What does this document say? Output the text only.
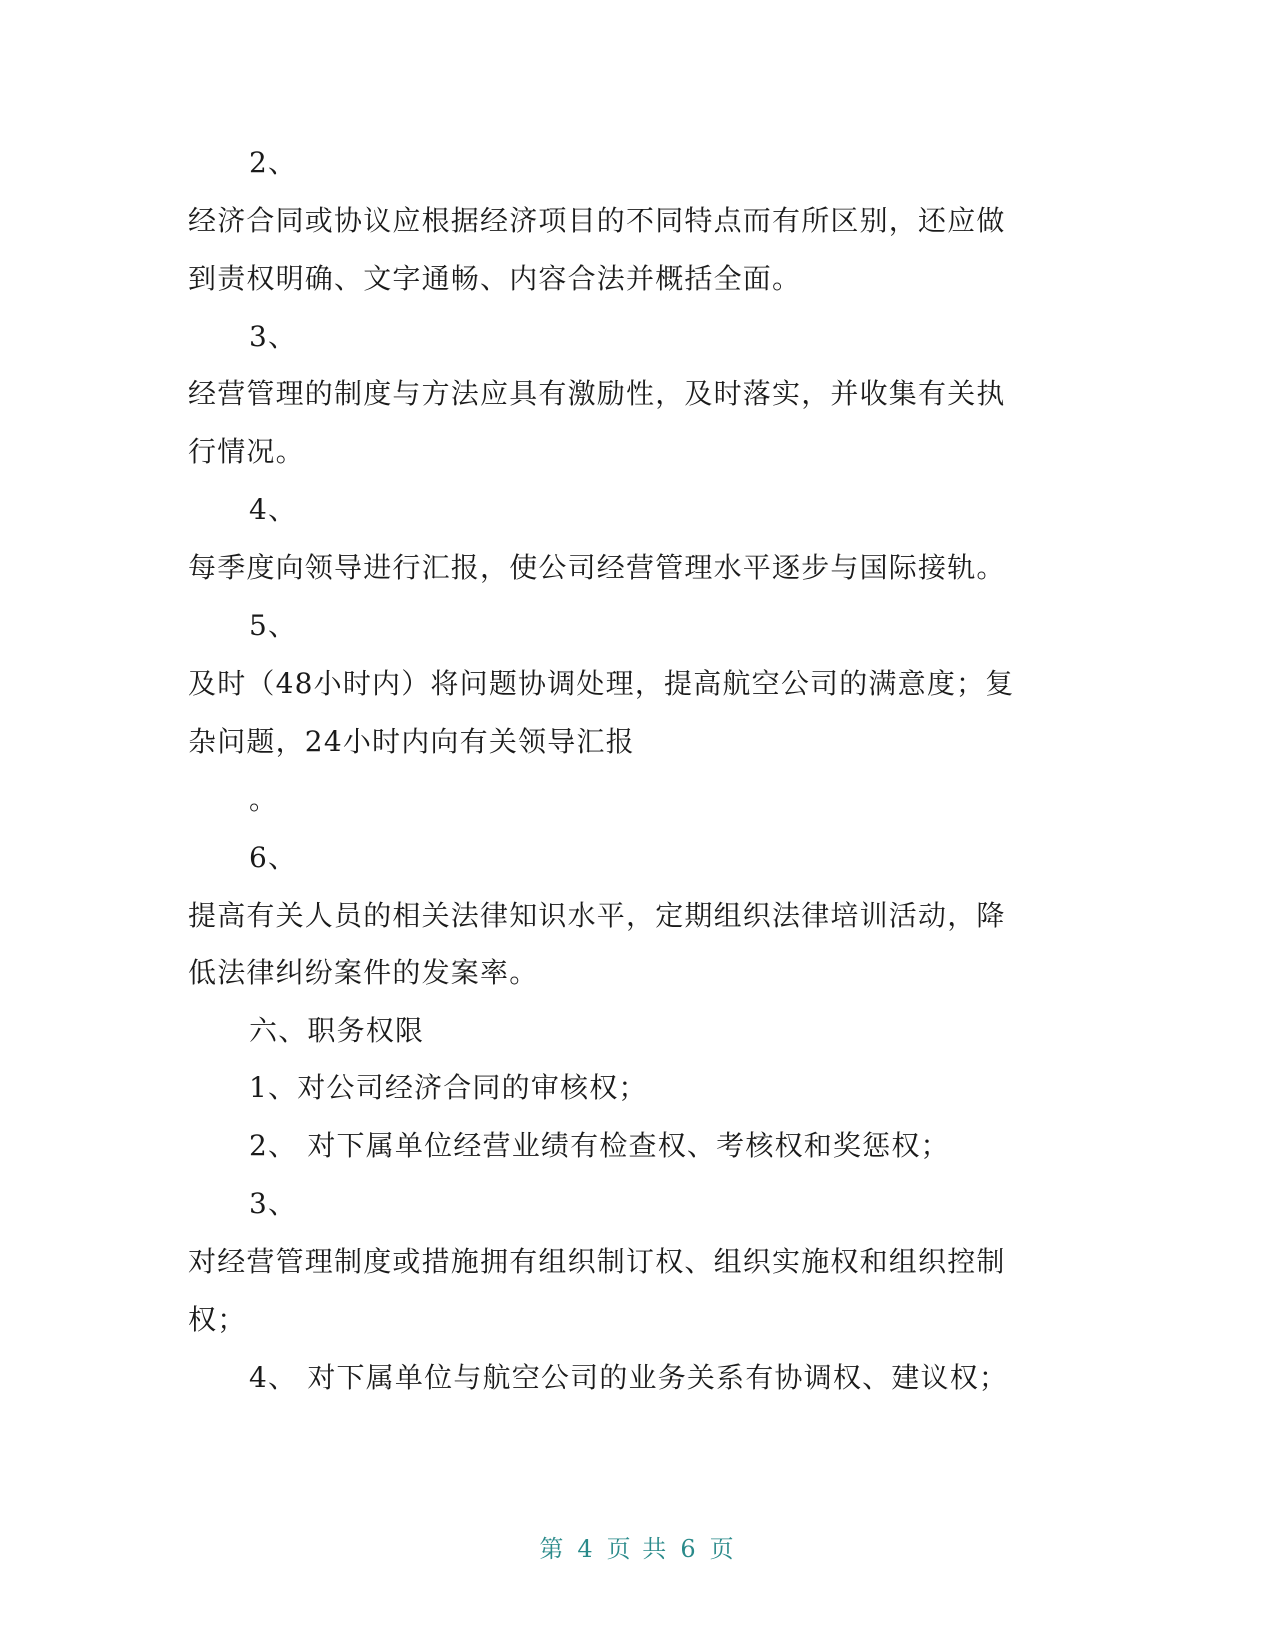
2、
经济合同或协议应根据经济项目的不同特点而有所区别，还应做
到责权明确、文字通畅、内容合法并概括全面。
3、
经营管理的制度与方法应具有激励性，及时落实，并收集有关执
行情况。
4、
每季度向领导进行汇报，使公司经营管理水平逐步与国际接轨。
5、
及时（48小时内）将问题协调处理，提高航空公司的满意度；复
杂问题，24小时内向有关领导汇报
。
6、
提高有关人员的相关法律知识水平，定期组织法律培训活动，降
低法律纠纷案件的发案率。
六、职务权限
1、对公司经济合同的审核权；
2、 对下属单位经营业绩有检查权、考核权和奖惩权；
3、
对经营管理制度或措施拥有组织制订权、组织实施权和组织控制
权；
4、 对下属单位与航空公司的业务关系有协调权、建议权；
第 4 页 共 6 页
